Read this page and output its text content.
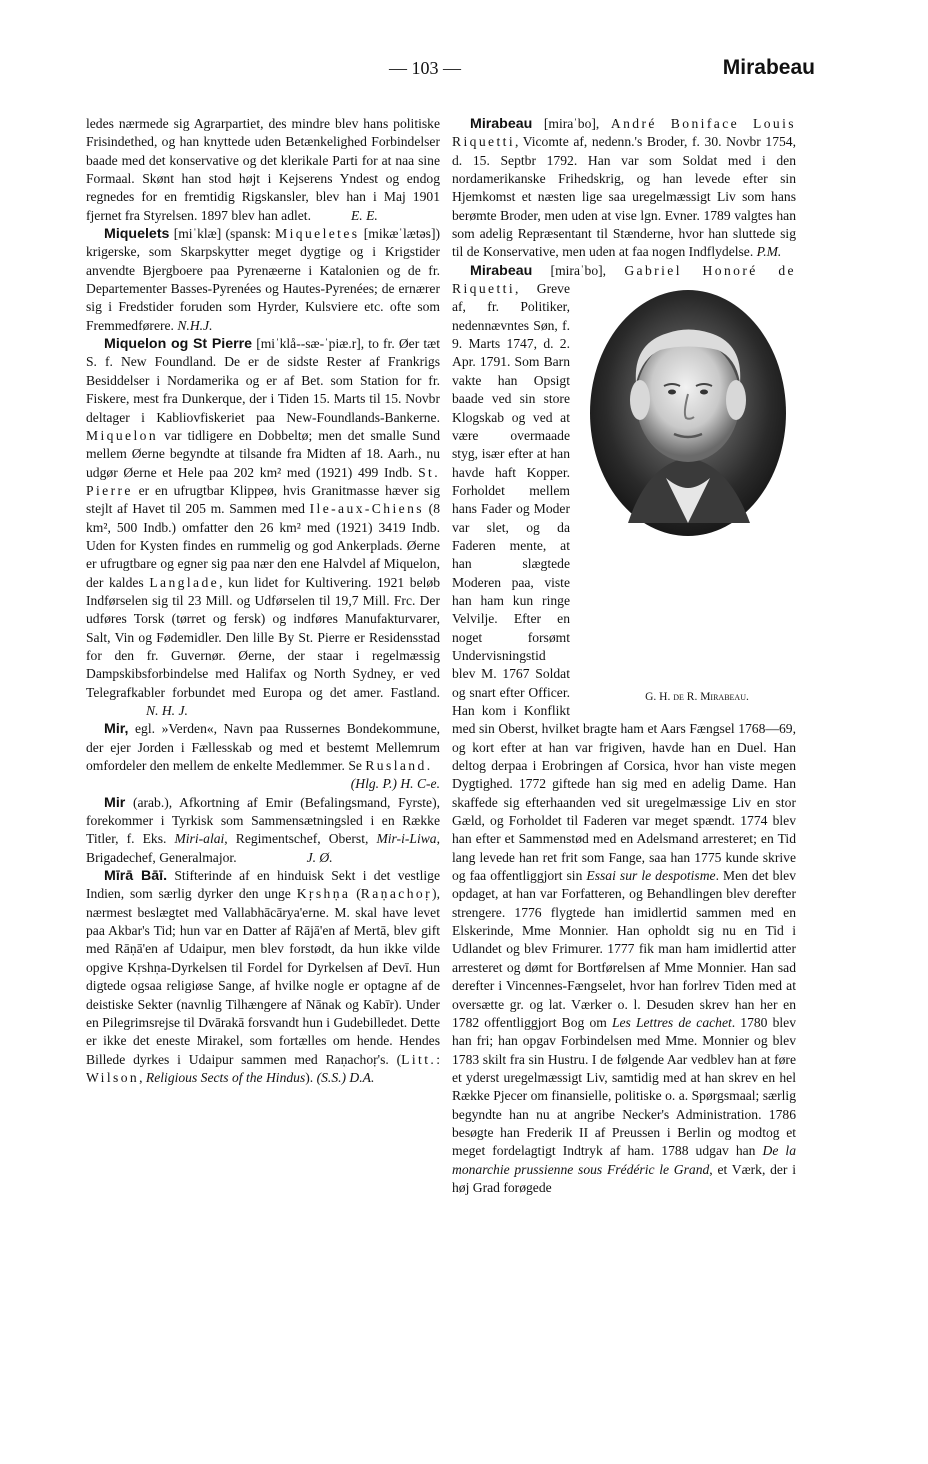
— 103 —	Mirabeau

ledes nærmede sig Agrarpartiet, des mindre blev hans politiske Frisindethed, og han knyttede uden Betænkelighed Forbindelser baade med det konservative og det klerikale Parti for at naa sine Formaal. Skønt han stod højt i Kejserens Yndest og endog regnedes for en fremtidig Rigskansler, blev han i Maj 1901 fjernet fra Styrelsen. 1897 blev han adlet.	E. E.

Miquelets [miˈklæ] (spansk: Miqueletes [mikæˈlætəs]) krigerske, som Skarpskytter meget dygtige og i Krigstider anvendte Bjergboere paa Pyrenæerne i Katalonien og de fr. Departementer Basses-Pyrenées og Hautes-Pyrenées; de ernærer sig i Fredstider foruden som Hyrder, Kulsviere etc. ofte som Fremmedførere. N.H.J.

Miquelon og St Pierre [miˈklå--sæ-ˈpiæ.r], to fr. Øer tæt S. f. New Foundland. De er de sidste Rester af Frankrigs Besiddelser i Nordamerika og er af Bet. som Station for fr. Fiskere, mest fra Dunkerque, der i Tiden 15. Marts til 15. Novbr deltager i Kabliovfiskeriet paa New-Foundlands-Bankerne. Miquelon var tidligere en Dobbeltø; men det smalle Sund mellem Øerne begyndte at tilsande fra Midten af 18. Aarh., nu udgør Øerne et Hele paa 202 km² med (1921) 499 Indb. St. Pierre er en ufrugtbar Klippeø, hvis Granitmasse hæver sig stejlt af Havet til 205 m. Sammen med Ile-aux-Chiens (8 km², 500 Indb.) omfatter den 26 km² med (1921) 3419 Indb. Uden for Kysten findes en rummelig og god Ankerplads. Øerne er ufrugtbare og egner sig paa nær den ene Halvdel af Miquelon, der kaldes Langlade, kun lidet for Kultivering. 1921 beløb Indførselen sig til 23 Mill. og Udførselen til 19,7 Mill. Frc. Der udføres Torsk (tørret og fersk) og indføres Manufakturvarer, Salt, Vin og Fødemidler. Den lille By St. Pierre er Residensstad for den fr. Guvernør. Øerne, der staar i regelmæssig Dampskibsforbindelse med Halifax og North Sydney, er ved Telegrafkabler forbundet med Europa og det amer. Fastland.N. H. J.

Mir, egl. »Verden«, Navn paa Russernes Bondekommune, der ejer Jorden i Fællesskab og med et bestemt Mellemrum omfordeler den mellem de enkelte Medlemmer. Se Rusland.

(Hlg. P.) H. C-e.

Mir (arab.), Afkortning af Emir (Befalingsmand, Fyrste), forekommer i Tyrkisk som Sammensætningsled i en Række Titler, f. Eks. Miri-alai, Regimentschef, Oberst, Mir-i-Liwa, Brigadechef, Generalmajor.	J. Ø.

Mīrā Bāī. Stifterinde af en hinduisk Sekt i det vestlige Indien, som særlig dyrker den unge Kṛshṇa (Raṇachoṛ), nærmest beslægtet med Vallabhācārya'erne. M. skal have levet paa Akbar's Tid; hun var en Datter af Rājā'en af Mertā, blev gift med Rāṇā'en af Udaipur, men blev forstødt, da hun ikke vilde opgive Kṛshṇa-Dyrkelsen til Fordel for Dyrkelsen af Devī. Hun digtede ogsaa religiøse Sange, af hvilke nogle er optagne af de deistiske Sekter (navnlig Tilhængere af Nānak og Kabīr). Under en Pilegrimsrejse til Dvārakā forsvandt hun i Gudebilledet. Dette er ikke det eneste Mirakel, som fortælles om hende. Hendes Billede dyrkes i Udaipur sammen med Raṇachoṛ's. (Litt.: Wilson, Religious Sects of the Hindus). (S.S.) D.A.

Mirabeau [miraˈbo], André Boniface Louis Riquetti, Vicomte af, nedenn.'s Broder, f. 30. Novbr 1754, d. 15. Septbr 1792. Han var som Soldat med i den nordamerikanske Frihedskrig, og han levede efter sin Hjemkomst et næsten lige saa uregelmæssigt Liv som hans berømte Broder, men uden at vise lgn. Evner. 1789 valgtes han som adelig Repræsentant til Stænderne, hvor han sluttede sig til de Konservative, men uden at faa nogen Indflydelse. P.M.

Mirabeau [miraˈbo], Gabriel Honoré de Riquetti
G. H. de R. Mirabeau.
, Greve af, fr. Politiker, nedennævntes Søn, f. 9. Marts 1747, d. 2. Apr. 1791. Som Barn vakte han Opsigt baade ved sin store Klogskab og ved at være overmaade styg, især efter at han havde haft Kopper. Forholdet mellem hans Fader og Moder var slet, og da Faderen mente, at han slægtede Moderen paa, viste han ham kun ringe Velvilje. Efter en noget forsømt Undervisningstid blev M. 1767 Soldat og snart efter Officer. Han kom i Konflikt med sin Oberst, hvilket bragte ham et Aars Fængsel 1768—69, og kort efter at han var frigiven, havde han en Duel. Han deltog derpaa i Erobringen af Corsica, hvor han viste megen Dygtighed. 1772 giftede han sig med en adelig Dame. Han skaffede sig efterhaanden ved sit uregelmæssige Liv en stor Gæld, og Forholdet til Faderen var meget spændt. 1774 blev han efter et Sammenstød med en Adelsmand arresteret; en Tid lang levede han ret frit som Fange, saa han 1775 kunde skrive og faa offentliggjort sin Essai sur le despotisme. Men det blev opdaget, at han var Forfatteren, og Behandlingen blev derefter strengere. 1776 flygtede han imidlertid sammen med en Elskerinde, Mme Monnier. Han opholdt sig nu en Tid i Udlandet og blev Frimurer. 1777 fik man ham imidlertid atter arresteret og dømt for Bortførelsen af Mme Monnier. Han sad derefter i Vincennes-Fængselet, hvor han forlrev Tiden med at oversætte gr. og lat. Værker o. l. Desuden skrev han her en 1782 offentliggjort Bog om Les Lettres de cachet. 1780 blev han fri; han opgav Forbindelsen med Mme. Monnier og blev 1783 skilt fra sin Hustru. I de følgende Aar vedblev han at føre et yderst uregelmæssigt Liv, samtidig med at han skrev en hel Række Pjecer om finansielle, politiske o. a. Spørgsmaal; særlig begyndte han nu at angribe Necker's Administration. 1786 besøgte han Frederik II af Preussen i Berlin og modtog et meget fordelagtigt Indtryk af ham. 1788 udgav han De la monarchie prussienne sous Frédéric le Grand, et Værk, der i høj Grad forøgede
